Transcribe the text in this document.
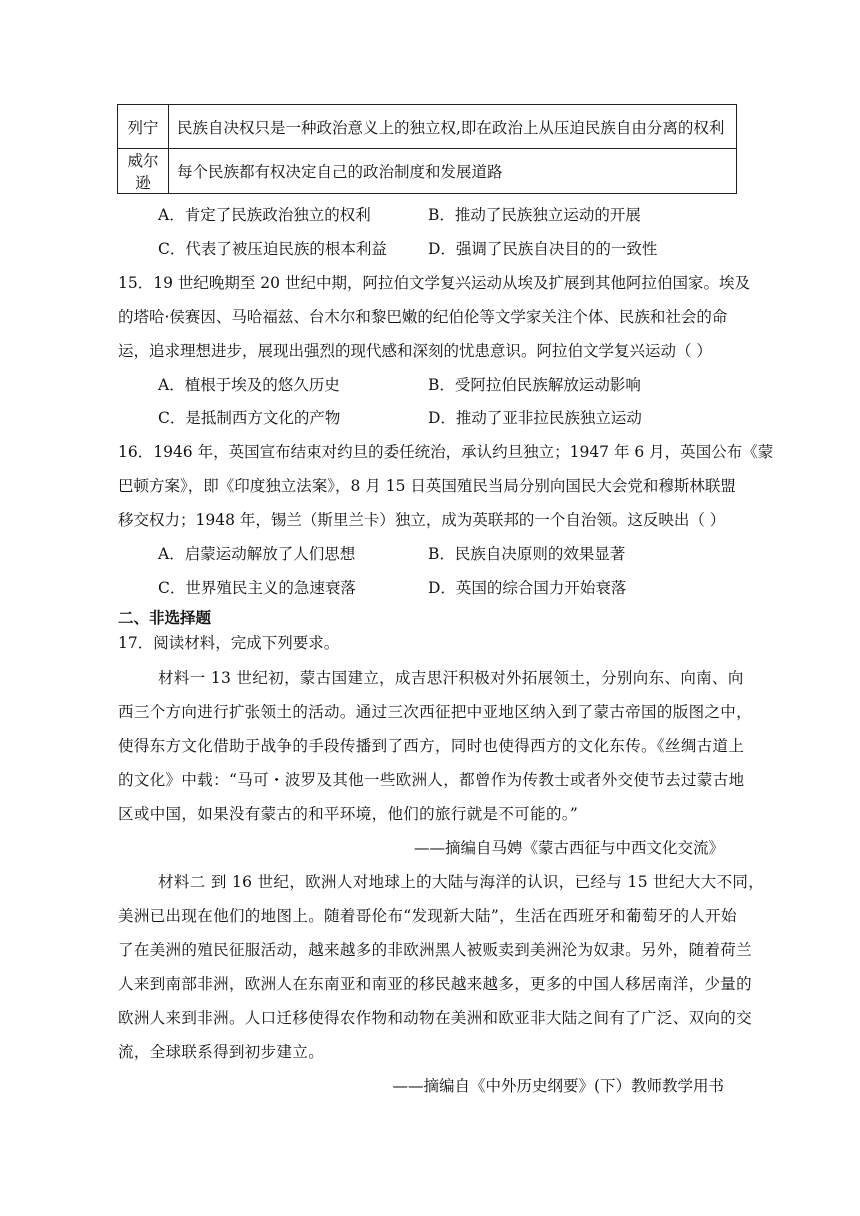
列宁	民族自决权只是一种政治意义上的独立权,即在政治上从压迫民族自由分离的权利
威尔逊	每个民族都有权决定自己的政治制度和发展道路
A．肯定了民族政治独立的权利	B．推动了民族独立运动的开展
C．代表了被压迫民族的根本利益	D．强调了民族自决目的的一致性
15．19 世纪晚期至 20 世纪中期，阿拉伯文学复兴运动从埃及扩展到其他阿拉伯国家。埃及
的塔哈·侯赛因、马哈福兹、台木尔和黎巴嫩的纪伯伦等文学家关注个体、民族和社会的命
运，追求理想进步，展现出强烈的现代感和深刻的忧患意识。阿拉伯文学复兴运动（ ）
A．植根于埃及的悠久历史	B．受阿拉伯民族解放运动影响
C．是抵制西方文化的产物	D．推动了亚非拉民族独立运动
16．1946 年，英国宣布结束对约旦的委任统治，承认约旦独立；1947 年 6 月，英国公布《蒙
巴顿方案》，即《印度独立法案》，8 月 15 日英国殖民当局分别向国民大会党和穆斯林联盟
移交权力；1948 年，锡兰（斯里兰卡）独立，成为英联邦的一个自治领。这反映出（ ）
A．启蒙运动解放了人们思想	B．民族自决原则的效果显著
C．世界殖民主义的急速衰落	D．英国的综合国力开始衰落
二、非选择题
17．阅读材料，完成下列要求。
材料一 13 世纪初，蒙古国建立，成吉思汗积极对外拓展领土，分别向东、向南、向
西三个方向进行扩张领土的活动。通过三次西征把中亚地区纳入到了蒙古帝国的版图之中，
使得东方文化借助于战争的手段传播到了西方，同时也使得西方的文化东传。《丝绸古道上
的文化》中载：“马可・波罗及其他一些欧洲人，都曾作为传教士或者外交使节去过蒙古地
区或中国，如果没有蒙古的和平环境，他们的旅行就是不可能的。”
——摘编自马娉《蒙古西征与中西文化交流》
材料二 到 16 世纪，欧洲人对地球上的大陆与海洋的认识，已经与 15 世纪大大不同，
美洲已出现在他们的地图上。随着哥伦布“发现新大陆”，生活在西班牙和葡萄牙的人开始
了在美洲的殖民征服活动，越来越多的非欧洲黑人被贩卖到美洲沦为奴隶。另外，随着荷兰
人来到南部非洲，欧洲人在东南亚和南亚的移民越来越多，更多的中国人移居南洋，少量的
欧洲人来到非洲。人口迁移使得农作物和动物在美洲和欧亚非大陆之间有了广泛、双向的交
流，全球联系得到初步建立。
——摘编自《中外历史纲要》(下）教师教学用书
